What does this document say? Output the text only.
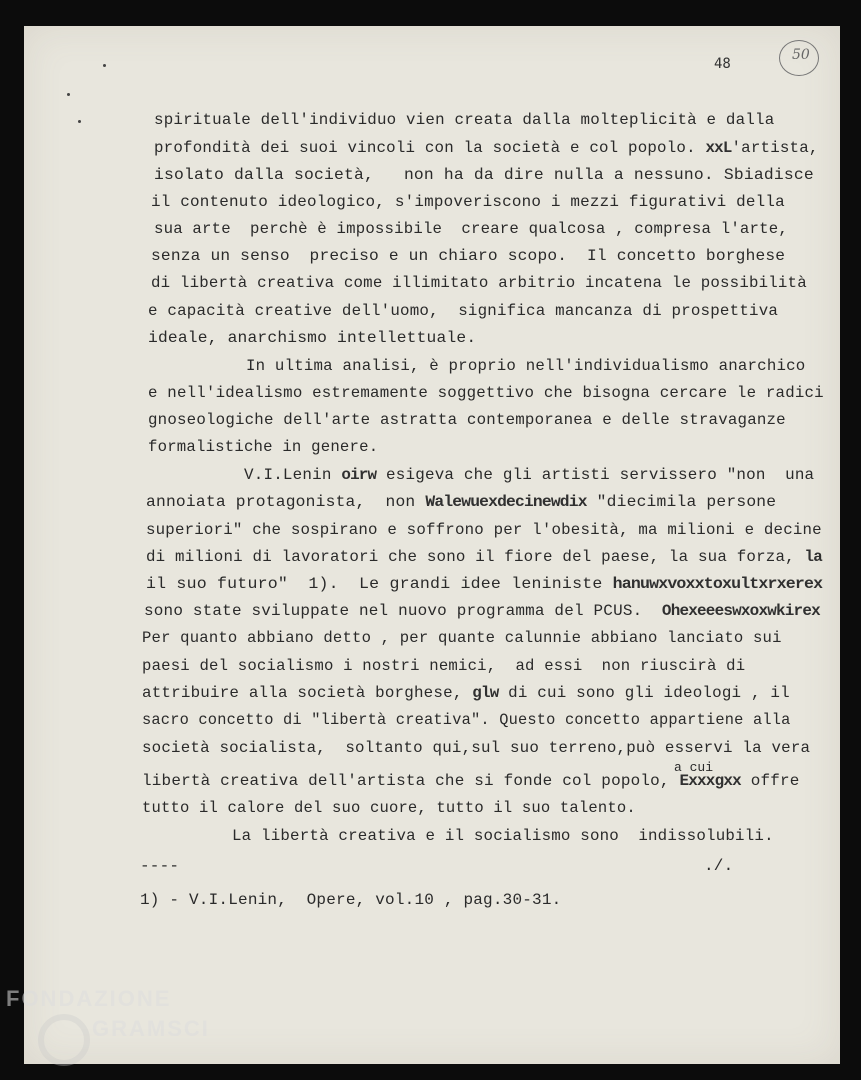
48
50
spirituale dell'individuo vien creata dalla molteplicità e dalla
profondità dei suoi vincoli con la società e col popolo. xxL'artista,
isolato dalla società,   non ha da dire nulla a nessuno. Sbiadisce
il contenuto ideologico, s'impoveriscono i mezzi figurativi della
sua arte  perchè è impossibile  creare qualcosa , compresa l'arte,
senza un senso  preciso e un chiaro scopo.  Il concetto borghese
di libertà creativa come illimitato arbitrio incatena le possibilità
e capacità creative dell'uomo,  significa mancanza di prospettiva
ideale, anarchismo intellettuale.
In ultima analisi, è proprio nell'individualismo anarchico
e nell'idealismo estremamente soggettivo che bisogna cercare le radici
gnoseologiche dell'arte astratta contemporanea e delle stravaganze
formalistiche in genere.
V.I.Lenin oirw esigeva che gli artisti servissero "non  una
annoiata protagonista,  non Walewuexdecinewdix "diecimila persone
superiori" che sospirano e soffrono per l'obesità, ma milioni e decine
di milioni di lavoratori che sono il fiore del paese, la sua forza, la
il suo futuro"  1).  Le grandi idee leniniste hanuwxvoxxtoxultxrxerex
sono state sviluppate nel nuovo programma del PCUS.  Ohexeeeswxoxwkirex
Per quanto abbiano detto , per quante calunnie abbiano lanciato sui
paesi del socialismo i nostri nemici,  ad essi  non riuscirà di
attribuire alla società borghese, glw di cui sono gli ideologi , il
sacro concetto di "libertà creativa". Questo concetto appartiene alla
società socialista,  soltanto qui,sul suo terreno,può esservi la vera
libertà creativa dell'artista che si fonde col popolo, Exxxgxx offre
tutto il calore del suo cuore, tutto il suo talento.
La libertà creativa e il socialismo sono  indissolubili.
a cui
./.
----
1) - V.I.Lenin,  Opere, vol.10 , pag.30-31.
FONDAZIONE
GRAMSCI
